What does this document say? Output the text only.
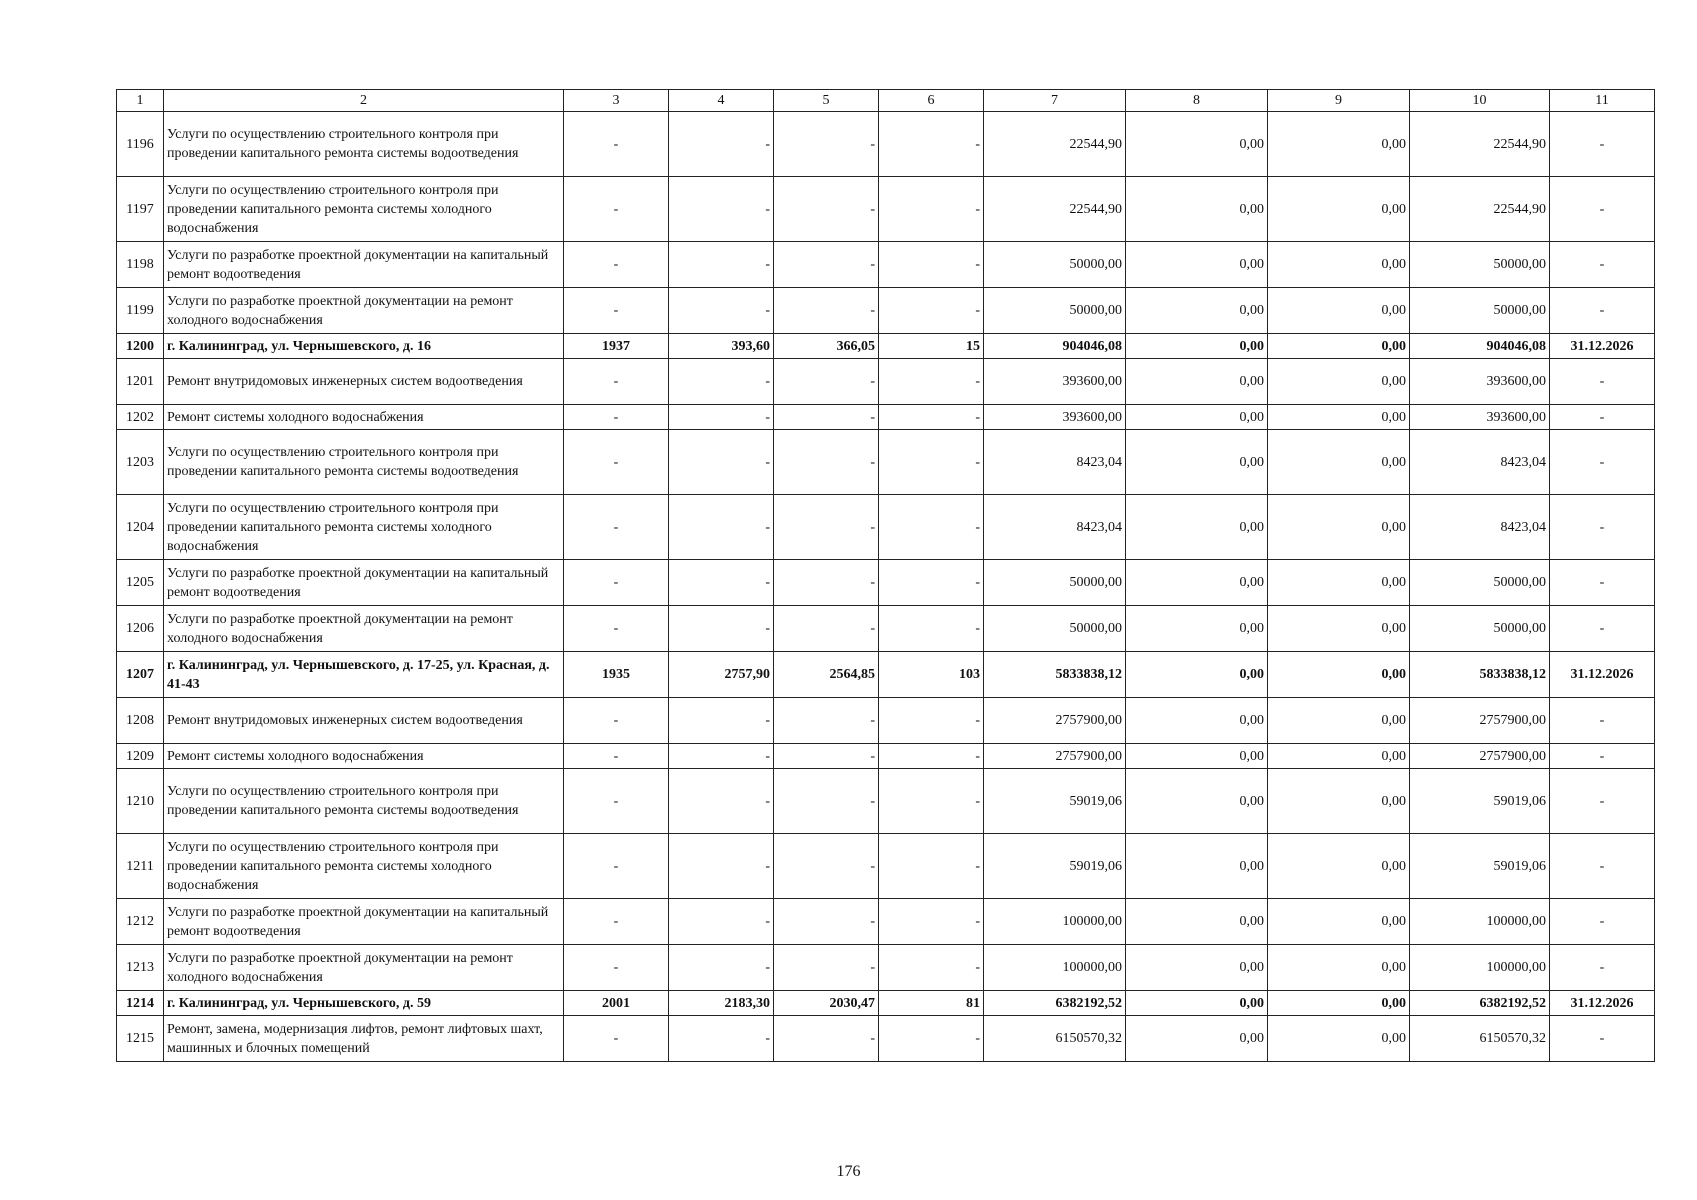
1	2	3	4	5	6	7	8	9	10	11
1196	Услуги по осуществлению строительного контроля при проведении капитального ремонта системы водоотведения	-	-	-	-	22544,90	0,00	0,00	22544,90	-
1197	Услуги по осуществлению строительного контроля при проведении капитального ремонта системы холодного водоснабжения	-	-	-	-	22544,90	0,00	0,00	22544,90	-
1198	Услуги по разработке проектной документации на капитальный ремонт водоотведения	-	-	-	-	50000,00	0,00	0,00	50000,00	-
1199	Услуги по разработке проектной документации на ремонт холодного водоснабжения	-	-	-	-	50000,00	0,00	0,00	50000,00	-
1200	г. Калининград, ул. Чернышевского, д. 16	1937	393,60	366,05	15	904046,08	0,00	0,00	904046,08	31.12.2026
1201	Ремонт внутридомовых инженерных систем водоотведения	-	-	-	-	393600,00	0,00	0,00	393600,00	-
1202	Ремонт системы холодного водоснабжения	-	-	-	-	393600,00	0,00	0,00	393600,00	-
1203	Услуги по осуществлению строительного контроля при проведении капитального ремонта системы водоотведения	-	-	-	-	8423,04	0,00	0,00	8423,04	-
1204	Услуги по осуществлению строительного контроля при проведении капитального ремонта системы холодного водоснабжения	-	-	-	-	8423,04	0,00	0,00	8423,04	-
1205	Услуги по разработке проектной документации на капитальный ремонт водоотведения	-	-	-	-	50000,00	0,00	0,00	50000,00	-
1206	Услуги по разработке проектной документации на ремонт холодного водоснабжения	-	-	-	-	50000,00	0,00	0,00	50000,00	-
1207	г. Калининград, ул. Чернышевского, д. 17-25, ул. Красная, д. 41-43	1935	2757,90	2564,85	103	5833838,12	0,00	0,00	5833838,12	31.12.2026
1208	Ремонт внутридомовых инженерных систем водоотведения	-	-	-	-	2757900,00	0,00	0,00	2757900,00	-
1209	Ремонт системы холодного водоснабжения	-	-	-	-	2757900,00	0,00	0,00	2757900,00	-
1210	Услуги по осуществлению строительного контроля при проведении капитального ремонта системы водоотведения	-	-	-	-	59019,06	0,00	0,00	59019,06	-
1211	Услуги по осуществлению строительного контроля при проведении капитального ремонта системы холодного водоснабжения	-	-	-	-	59019,06	0,00	0,00	59019,06	-
1212	Услуги по разработке проектной документации на капитальный ремонт водоотведения	-	-	-	-	100000,00	0,00	0,00	100000,00	-
1213	Услуги по разработке проектной документации на ремонт холодного водоснабжения	-	-	-	-	100000,00	0,00	0,00	100000,00	-
1214	г. Калининград, ул. Чернышевского, д. 59	2001	2183,30	2030,47	81	6382192,52	0,00	0,00	6382192,52	31.12.2026
1215	Ремонт, замена, модернизация лифтов, ремонт лифтовых шахт, машинных и блочных помещений	-	-	-	-	6150570,32	0,00	0,00	6150570,32	-
176
